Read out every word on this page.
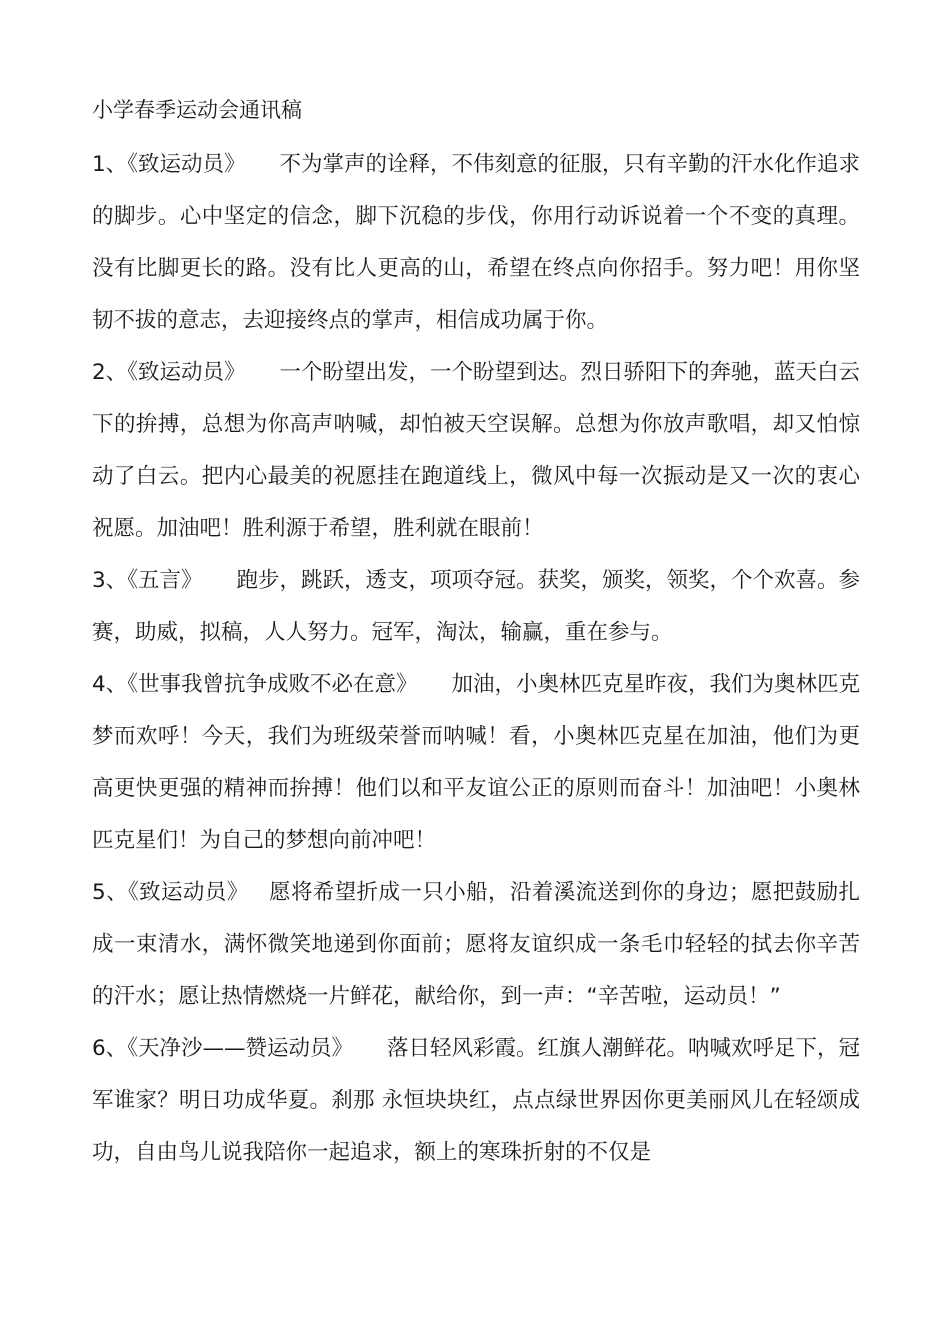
小学春季运动会通讯稿

1、《致运动员》 不为掌声的诠释，不伟刻意的征服，只有辛勤的汗水化作追求的脚步。心中坚定的信念，脚下沉稳的步伐，你用行动诉说着一个不变的真理。没有比脚更长的路。没有比人更高的山，希望在终点向你招手。努力吧！用你坚韧不拔的意志，去迎接终点的掌声，相信成功属于你。

2、《致运动员》 一个盼望出发，一个盼望到达。烈日骄阳下的奔驰，蓝天白云下的拚搏，总想为你高声呐喊，却怕被天空误解。总想为你放声歌唱，却又怕惊动了白云。把内心最美的祝愿挂在跑道线上，微风中每一次振动是又一次的衷心祝愿。加油吧！胜利源于希望，胜利就在眼前！

3、《五言》 跑步，跳跃，透支，项项夺冠。获奖，颁奖，领奖，个个欢喜。参赛，助威，拟稿，人人努力。冠军，淘汰，输赢，重在参与。

4、《世事我曾抗争成败不必在意》 加油，小奥林匹克星昨夜，我们为奥林匹克梦而欢呼！今天，我们为班级荣誉而呐喊！看，小奥林匹克星在加油，他们为更高更快更强的精神而拚搏！他们以和平友谊公正的原则而奋斗！加油吧！小奥林匹克星们！为自己的梦想向前冲吧！

5、《致运动员》 愿将希望折成一只小船，沿着溪流送到你的身边；愿把鼓励扎成一束清水，满怀微笑地递到你面前；愿将友谊织成一条毛巾轻轻的拭去你辛苦的汗水；愿让热情燃烧一片鲜花，献给你，到一声：“辛苦啦，运动员！”

6、《天净沙——赞运动员》 落日轻风彩霞。红旗人潮鲜花。呐喊欢呼足下，冠军谁家？明日功成华夏。刹那 永恒块块红，点点绿世界因你更美丽风儿在轻颂成功，自由鸟儿说我陪你一起追求，额上的寒珠折射的不仅是
